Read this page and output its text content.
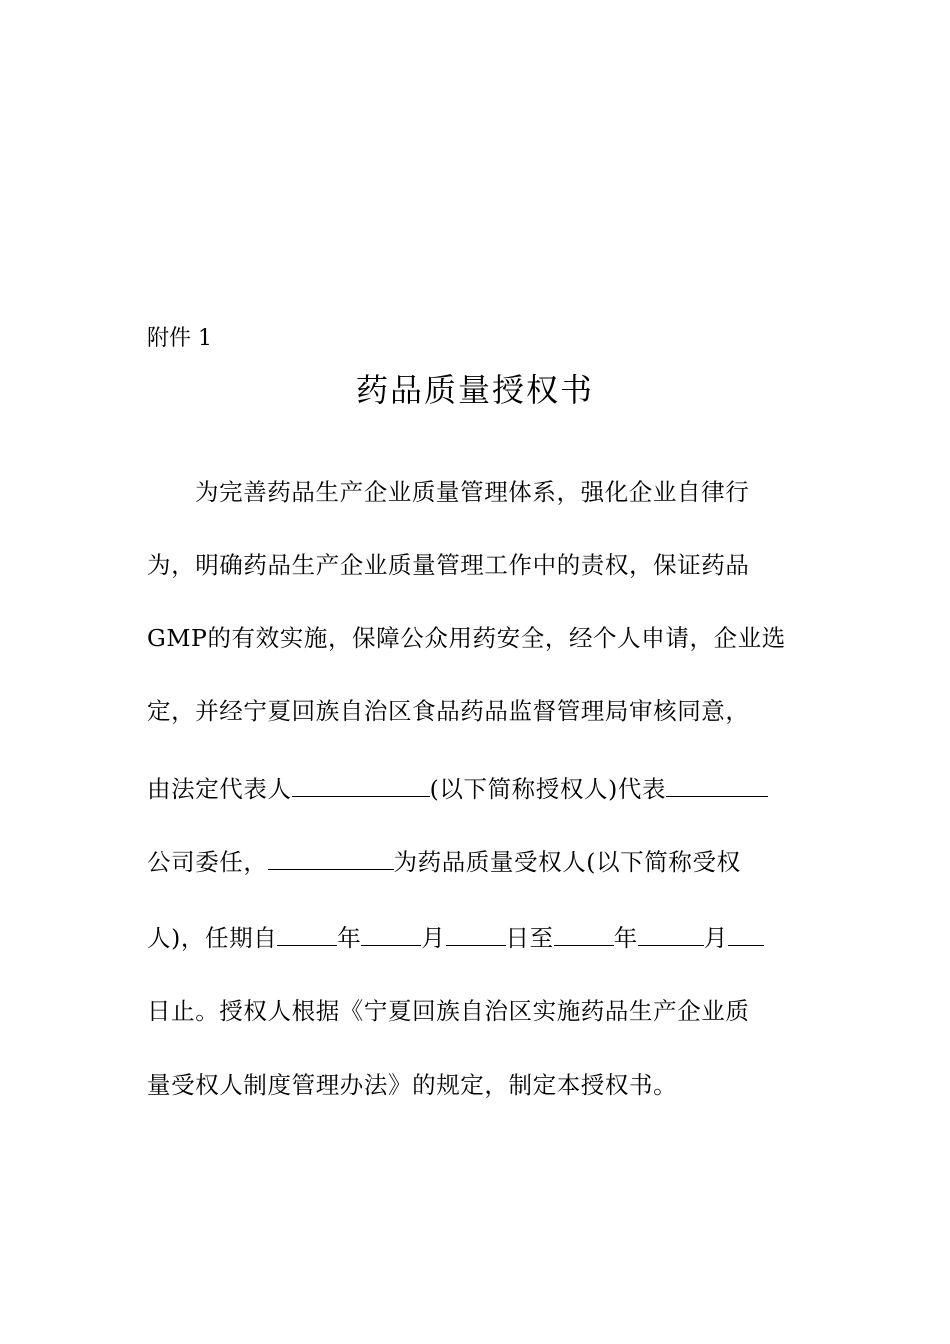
附件 1
药品质量授权书
为完善药品生产企业质量管理体系，强化企业自律行
为，明确药品生产企业质量管理工作中的责权，保证药品
GMP的有效实施，保障公众用药安全，经个人申请，企业选
定，并经宁夏回族自治区食品药品监督管理局审核同意，
由法定代表人	(以下简称授权人)代表
公司委任，	为药品质量受权人(以下简称受权
人)，任期自	年	月	日至	年	月
日止。授权人根据《宁夏回族自治区实施药品生产企业质
量受权人制度管理办法》的规定，制定本授权书。
